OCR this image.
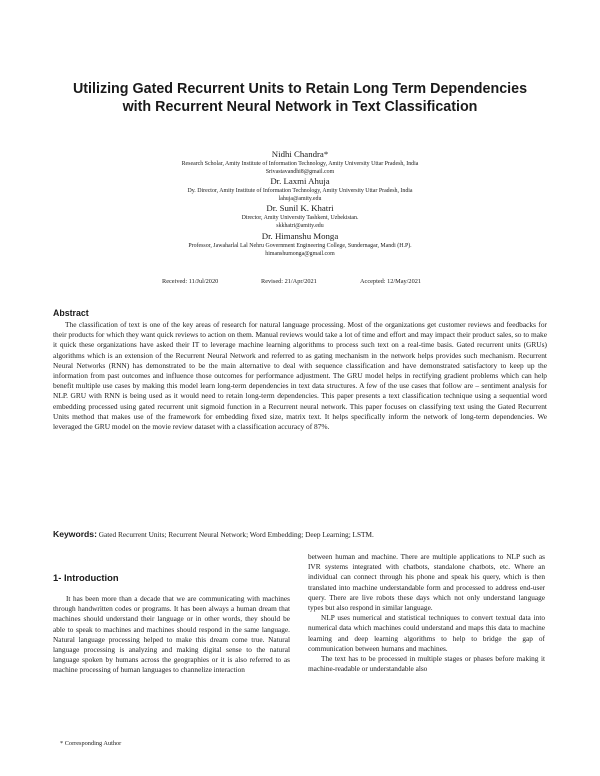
Utilizing Gated Recurrent Units to Retain Long Term Dependencies with Recurrent Neural Network in Text Classification
Nidhi Chandra*
Research Scholar, Amity Institute of Information Technology, Amity University Uttar Pradesh, India
Srivastavandhi8@gmail.com
Dr. Laxmi Ahuja
Dy. Director, Amity Institute of Information Technology, Amity University Uttar Pradesh, India
lahuja@amity.edu
Dr. Sunil K. Khatri
Director, Amity University Tashkent, Uzbekistan.
skkhatri@amity.edu
Dr. Himanshu Monga
Professor, Jawaharlal Lal Nehru Government Engineering College, Sundernagar, Mandi (H.P).
himanshumonga@gmail.com
Received: 11/Jul/2020	Revised: 21/Apr/2021	Accepted: 12/May/2021
Abstract

The classification of text is one of the key areas of research for natural language processing. Most of the organizations get customer reviews and feedbacks for their products for which they want quick reviews to action on them. Manual reviews would take a lot of time and effort and may impact their product sales, so to make it quick these organizations have asked their IT to leverage machine learning algorithms to process such text on a real-time basis. Gated recurrent units (GRUs) algorithms which is an extension of the Recurrent Neural Network and referred to as gating mechanism in the network helps provides such mechanism. Recurrent Neural Networks (RNN) has demonstrated to be the main alternative to deal with sequence classification and have demonstrated satisfactory to keep up the information from past outcomes and influence those outcomes for performance adjustment. The GRU model helps in rectifying gradient problems which can help benefit multiple use cases by making this model learn long-term dependencies in text data structures. A few of the use cases that follow are – sentiment analysis for NLP. GRU with RNN is being used as it would need to retain long-term dependencies. This paper presents a text classification technique using a sequential word embedding processed using gated recurrent unit sigmoid function in a Recurrent neural network. This paper focuses on classifying text using the Gated Recurrent Units method that makes use of the framework for embedding fixed size, matrix text. It helps specifically inform the network of long-term dependencies. We leveraged the GRU model on the movie review dataset with a classification accuracy of 87%.

Keywords: Gated Recurrent Units; Recurrent Neural Network; Word Embedding; Deep Learning; LSTM.
1- Introduction

It has been more than a decade that we are communicating with machines through handwritten codes or programs. It has been always a human dream that machines should understand their language or in other words, they should be able to speak to machines and machines should respond in the same language. Natural language processing helped to make this dream come true. Natural language processing is analyzing and making digital sense to the natural language spoken by humans across the geographies or it is also referred to as machine processing of human languages to channelize interaction

between human and machine. There are multiple applications to NLP such as IVR systems integrated with chatbots, standalone chatbots, etc. Where an individual can connect through his phone and speak his query, which is then translated into machine understandable form and processed to address end-user query. There are live robots these days which not only understand language types but also respond in similar language.

NLP uses numerical and statistical techniques to convert textual data into numerical data which machines could understand and maps this data to machine learning and deep learning algorithms to help to bridge the gap of communication between humans and machines.

The text has to be processed in multiple stages or phases before making it machine-readable or understandable also

* Corresponding Author
